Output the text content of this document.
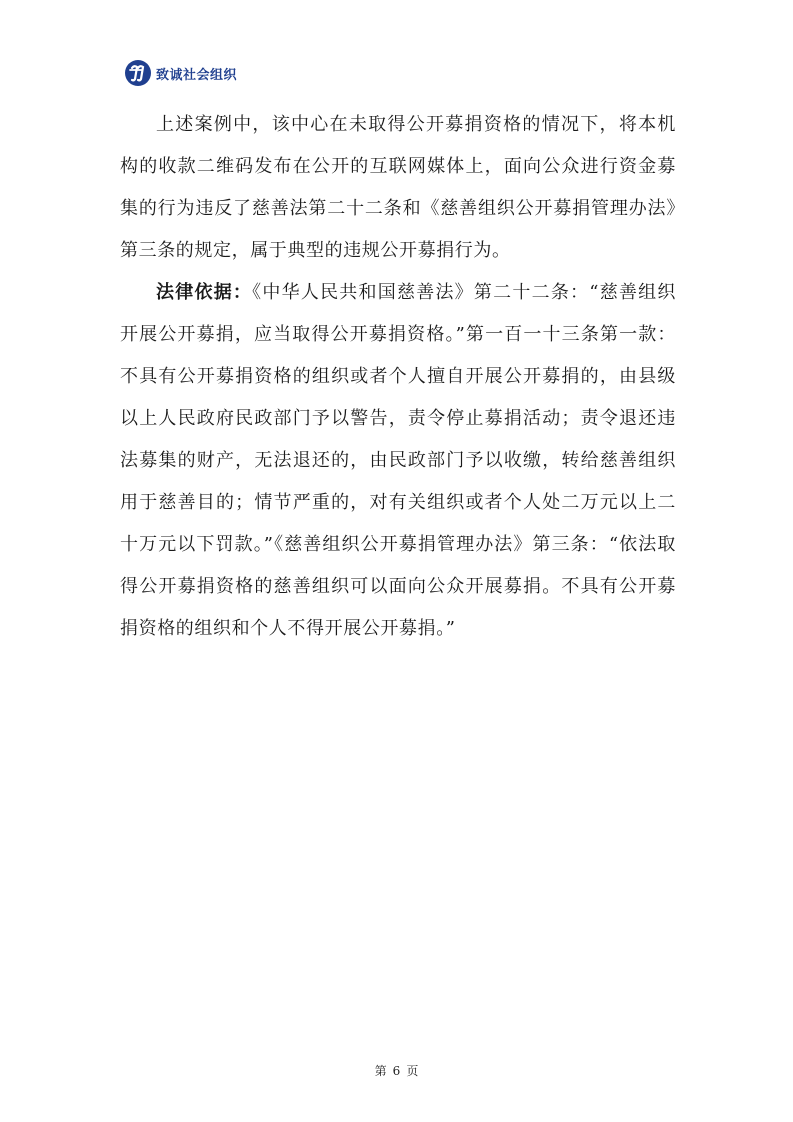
致诚社会组织

上述案例中，该中心在未取得公开募捐资格的情况下，将本机构的收款二维码发布在公开的互联网媒体上，面向公众进行资金募集的行为违反了慈善法第二十二条和《慈善组织公开募捐管理办法》第三条的规定，属于典型的违规公开募捐行为。

法律依据：《中华人民共和国慈善法》第二十二条：“慈善组织开展公开募捐，应当取得公开募捐资格。”第一百一十三条第一款：不具有公开募捐资格的组织或者个人擅自开展公开募捐的，由县级以上人民政府民政部门予以警告，责令停止募捐活动；责令退还违法募集的财产，无法退还的，由民政部门予以收缴，转给慈善组织用于慈善目的；情节严重的，对有关组织或者个人处二万元以上二十万元以下罚款。”《慈善组织公开募捐管理办法》第三条：“依法取得公开募捐资格的慈善组织可以面向公众开展募捐。不具有公开募捐资格的组织和个人不得开展公开募捐。”

第 6 页
